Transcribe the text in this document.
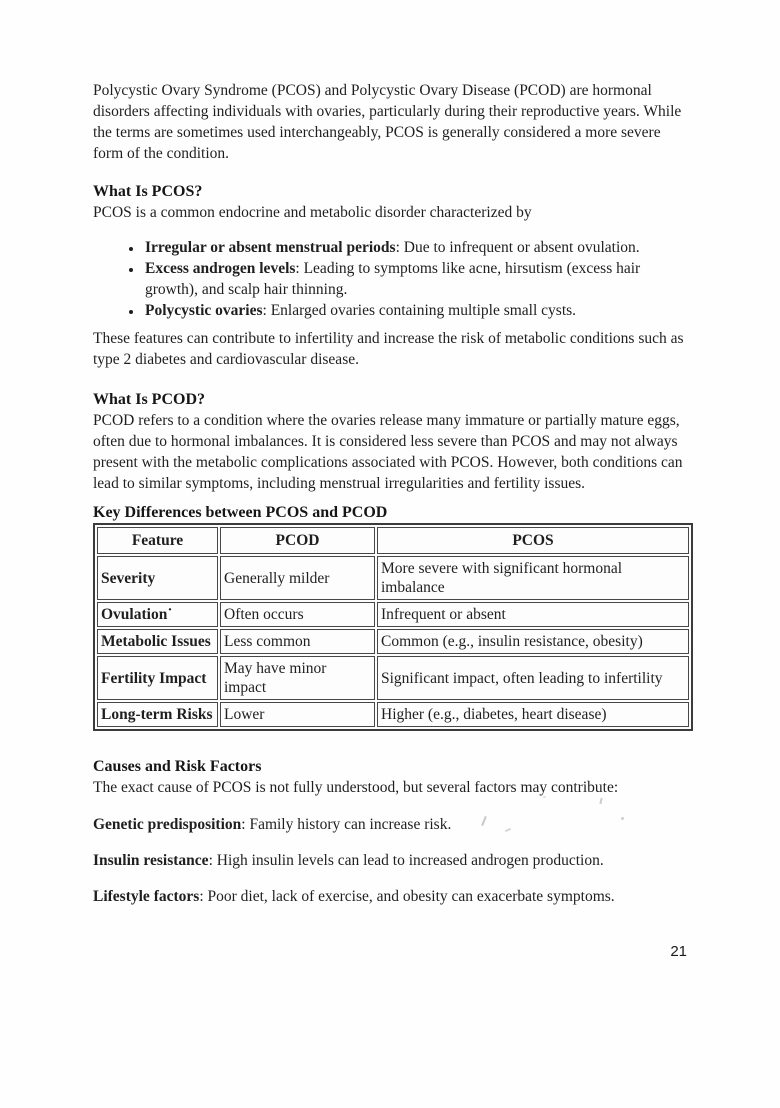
Polycystic Ovary Syndrome (PCOS) and Polycystic Ovary Disease (PCOD) are hormonal disorders affecting individuals with ovaries, particularly during their reproductive years. While the terms are sometimes used interchangeably, PCOS is generally considered a more severe form of the condition.

What Is PCOS?

PCOS is a common endocrine and metabolic disorder characterized by

• Irregular or absent menstrual periods: Due to infrequent or absent ovulation.
• Excess androgen levels: Leading to symptoms like acne, hirsutism (excess hair growth), and scalp hair thinning.
• Polycystic ovaries: Enlarged ovaries containing multiple small cysts.

These features can contribute to infertility and increase the risk of metabolic conditions such as type 2 diabetes and cardiovascular disease.

What Is PCOD?

PCOD refers to a condition where the ovaries release many immature or partially mature eggs, often due to hormonal imbalances. It is considered less severe than PCOS and may not always present with the metabolic complications associated with PCOS. However, both conditions can lead to similar symptoms, including menstrual irregularities and fertility issues.

Key Differences between PCOS and PCOD
Feature	PCOD	PCOS
Severity	Generally milder	More severe with significant hormonal imbalance
Ovulation˙	Often occurs	Infrequent or absent
Metabolic Issues	Less common	Common (e.g., insulin resistance, obesity)
Fertility Impact	May have minor impact	Significant impact, often leading to infertility
Long-term Risks	Lower	Higher (e.g., diabetes, heart disease)
Causes and Risk Factors

The exact cause of PCOS is not fully understood, but several factors may contribute:

Genetic predisposition: Family history can increase risk.

Insulin resistance: High insulin levels can lead to increased androgen production.

Lifestyle factors: Poor diet, lack of exercise, and obesity can exacerbate symptoms.

21
